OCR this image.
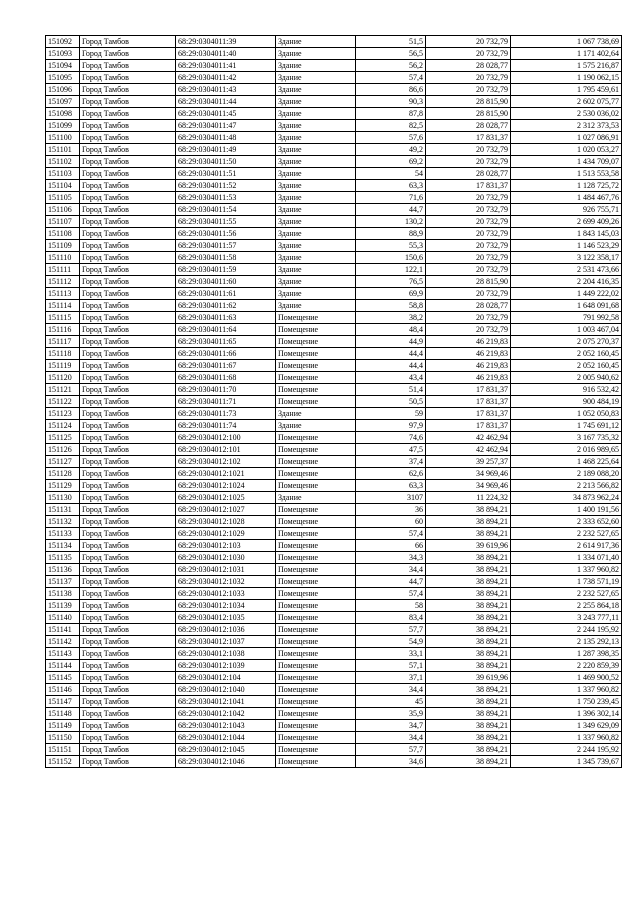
151092	Город Тамбов	68:29:0304011:39	Здание	51,5	20 732,79	1 067 738,69
151093	Город Тамбов	68:29:0304011:40	Здание	56,5	20 732,79	1 171 402,64
151094	Город Тамбов	68:29:0304011:41	Здание	56,2	28 028,77	1 575 216,87
151095	Город Тамбов	68:29:0304011:42	Здание	57,4	20 732,79	1 190 062,15
151096	Город Тамбов	68:29:0304011:43	Здание	86,6	20 732,79	1 795 459,61
151097	Город Тамбов	68:29:0304011:44	Здание	90,3	28 815,90	2 602 075,77
151098	Город Тамбов	68:29:0304011:45	Здание	87,8	28 815,90	2 530 036,02
151099	Город Тамбов	68:29:0304011:47	Здание	82,5	28 028,77	2 312 373,53
151100	Город Тамбов	68:29:0304011:48	Здание	57,6	17 831,37	1 027 086,91
151101	Город Тамбов	68:29:0304011:49	Здание	49,2	20 732,79	1 020 053,27
151102	Город Тамбов	68:29:0304011:50	Здание	69,2	20 732,79	1 434 709,07
151103	Город Тамбов	68:29:0304011:51	Здание	54	28 028,77	1 513 553,58
151104	Город Тамбов	68:29:0304011:52	Здание	63,3	17 831,37	1 128 725,72
151105	Город Тамбов	68:29:0304011:53	Здание	71,6	20 732,79	1 484 467,76
151106	Город Тамбов	68:29:0304011:54	Здание	44,7	20 732,79	926 755,71
151107	Город Тамбов	68:29:0304011:55	Здание	130,2	20 732,79	2 699 409,26
151108	Город Тамбов	68:29:0304011:56	Здание	88,9	20 732,79	1 843 145,03
151109	Город Тамбов	68:29:0304011:57	Здание	55,3	20 732,79	1 146 523,29
151110	Город Тамбов	68:29:0304011:58	Здание	150,6	20 732,79	3 122 358,17
151111	Город Тамбов	68:29:0304011:59	Здание	122,1	20 732,79	2 531 473,66
151112	Город Тамбов	68:29:0304011:60	Здание	76,5	28 815,90	2 204 416,35
151113	Город Тамбов	68:29:0304011:61	Здание	69,9	20 732,79	1 449 222,02
151114	Город Тамбов	68:29:0304011:62	Здание	58,8	28 028,77	1 648 091,68
151115	Город Тамбов	68:29:0304011:63	Помещение	38,2	20 732,79	791 992,58
151116	Город Тамбов	68:29:0304011:64	Помещение	48,4	20 732,79	1 003 467,04
151117	Город Тамбов	68:29:0304011:65	Помещение	44,9	46 219,83	2 075 270,37
151118	Город Тамбов	68:29:0304011:66	Помещение	44,4	46 219,83	2 052 160,45
151119	Город Тамбов	68:29:0304011:67	Помещение	44,4	46 219,83	2 052 160,45
151120	Город Тамбов	68:29:0304011:68	Помещение	43,4	46 219,83	2 005 940,62
151121	Город Тамбов	68:29:0304011:70	Помещение	51,4	17 831,37	916 532,42
151122	Город Тамбов	68:29:0304011:71	Помещение	50,5	17 831,37	900 484,19
151123	Город Тамбов	68:29:0304011:73	Здание	59	17 831,37	1 052 050,83
151124	Город Тамбов	68:29:0304011:74	Здание	97,9	17 831,37	1 745 691,12
151125	Город Тамбов	68:29:0304012:100	Помещение	74,6	42 462,94	3 167 735,32
151126	Город Тамбов	68:29:0304012:101	Помещение	47,5	42 462,94	2 016 989,65
151127	Город Тамбов	68:29:0304012:102	Помещение	37,4	39 257,37	1 468 225,64
151128	Город Тамбов	68:29:0304012:1021	Помещение	62,6	34 969,46	2 189 088,20
151129	Город Тамбов	68:29:0304012:1024	Помещение	63,3	34 969,46	2 213 566,82
151130	Город Тамбов	68:29:0304012:1025	Здание	3107	11 224,32	34 873 962,24
151131	Город Тамбов	68:29:0304012:1027	Помещение	36	38 894,21	1 400 191,56
151132	Город Тамбов	68:29:0304012:1028	Помещение	60	38 894,21	2 333 652,60
151133	Город Тамбов	68:29:0304012:1029	Помещение	57,4	38 894,21	2 232 527,65
151134	Город Тамбов	68:29:0304012:103	Помещение	66	39 619,96	2 614 917,36
151135	Город Тамбов	68:29:0304012:1030	Помещение	34,3	38 894,21	1 334 071,40
151136	Город Тамбов	68:29:0304012:1031	Помещение	34,4	38 894,21	1 337 960,82
151137	Город Тамбов	68:29:0304012:1032	Помещение	44,7	38 894,21	1 738 571,19
151138	Город Тамбов	68:29:0304012:1033	Помещение	57,4	38 894,21	2 232 527,65
151139	Город Тамбов	68:29:0304012:1034	Помещение	58	38 894,21	2 255 864,18
151140	Город Тамбов	68:29:0304012:1035	Помещение	83,4	38 894,21	3 243 777,11
151141	Город Тамбов	68:29:0304012:1036	Помещение	57,7	38 894,21	2 244 195,92
151142	Город Тамбов	68:29:0304012:1037	Помещение	54,9	38 894,21	2 135 292,13
151143	Город Тамбов	68:29:0304012:1038	Помещение	33,1	38 894,21	1 287 398,35
151144	Город Тамбов	68:29:0304012:1039	Помещение	57,1	38 894,21	2 220 859,39
151145	Город Тамбов	68:29:0304012:104	Помещение	37,1	39 619,96	1 469 900,52
151146	Город Тамбов	68:29:0304012:1040	Помещение	34,4	38 894,21	1 337 960,82
151147	Город Тамбов	68:29:0304012:1041	Помещение	45	38 894,21	1 750 239,45
151148	Город Тамбов	68:29:0304012:1042	Помещение	35,9	38 894,21	1 396 302,14
151149	Город Тамбов	68:29:0304012:1043	Помещение	34,7	38 894,21	1 349 629,09
151150	Город Тамбов	68:29:0304012:1044	Помещение	34,4	38 894,21	1 337 960,82
151151	Город Тамбов	68:29:0304012:1045	Помещение	57,7	38 894,21	2 244 195,92
151152	Город Тамбов	68:29:0304012:1046	Помещение	34,6	38 894,21	1 345 739,67
